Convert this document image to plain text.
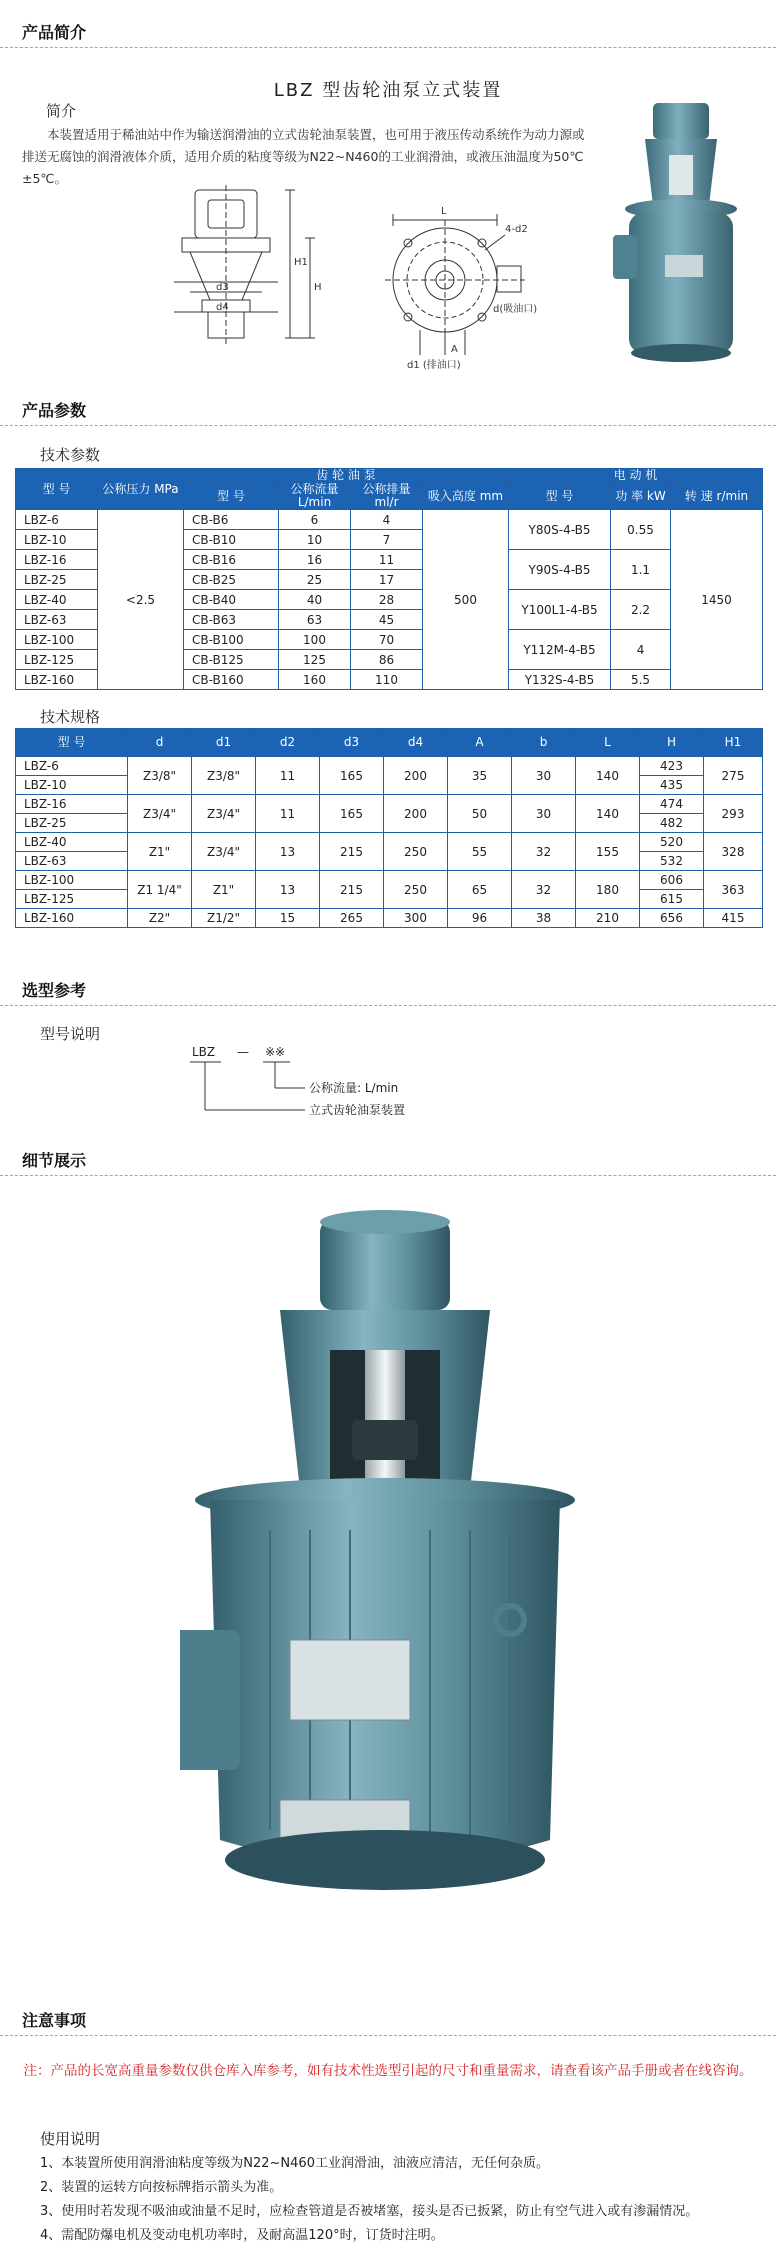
产品简介
LBZ 型齿轮油泵立式装置
简介
本装置适用于稀油站中作为输送润滑油的立式齿轮油泵装置，也可用于液压传动系统作为动力源或排送无腐蚀的润滑液体介质，适用介质的粘度等级为N22~N460的工业润滑油，或液压油温度为50℃±5℃。
H1
H
d3
d4
L
4-d2
d(吸油口)
d1 (排油口)
A
产品参数
技术参数
型 号	公称压力 MPa	齿 轮 油 泵				电 动 机		
		型 号	公称流量 L/min	公称排量 ml/r	吸入高度 mm	型 号	功 率 kW	转 速 r/min
LBZ-6	<2.5	CB-B6	6	4	500	Y80S-4-B5	0.55	1450
LBZ-10		CB-B10	10	7				
LBZ-16		CB-B16	16	11		Y90S-4-B5	1.1	
LBZ-25		CB-B25	25	17				
LBZ-40		CB-B40	40	28		Y100L1-4-B5	2.2	
LBZ-63		CB-B63	63	45				
LBZ-100		CB-B100	100	70		Y112M-4-B5	4	
LBZ-125		CB-B125	125	86				
LBZ-160		CB-B160	160	110		Y132S-4-B5	5.5	
技术规格
型 号	d	d1	d2	d3	d4	A	b	L	H	H1
LBZ-6	Z3/8"	Z3/8"	11	165	200	35	30	140	423	275
LBZ-10									435	
LBZ-16	Z3/4"	Z3/4"	11	165	200	50	30	140	474	293
LBZ-25									482	
LBZ-40	Z1"	Z3/4"	13	215	250	55	32	155	520	328
LBZ-63									532	
LBZ-100	Z1 1/4"	Z1"	13	215	250	65	32	180	606	363
LBZ-125									615	
LBZ-160	Z2"	Z1/2"	15	265	300	96	38	210	656	415
选型参考
型号说明
LBZ — ※※
公称流量: L/min
立式齿轮油泵装置
细节展示
注意事项
注：产品的长宽高重量参数仅供仓库入库参考，如有技术性选型引起的尺寸和重量需求，请查看该产品手册或者在线咨询。
使用说明
1、本装置所使用润滑油粘度等级为N22~N460工业润滑油，油液应清洁，无任何杂质。
2、装置的运转方向按标牌指示箭头为准。
3、使用时若发现不吸油或油量不足时，应检查管道是否被堵塞，接头是否已扳紧，防止有空气进入或有渗漏情况。
4、需配防爆电机及变动电机功率时，及耐高温120°时，订货时注明。
